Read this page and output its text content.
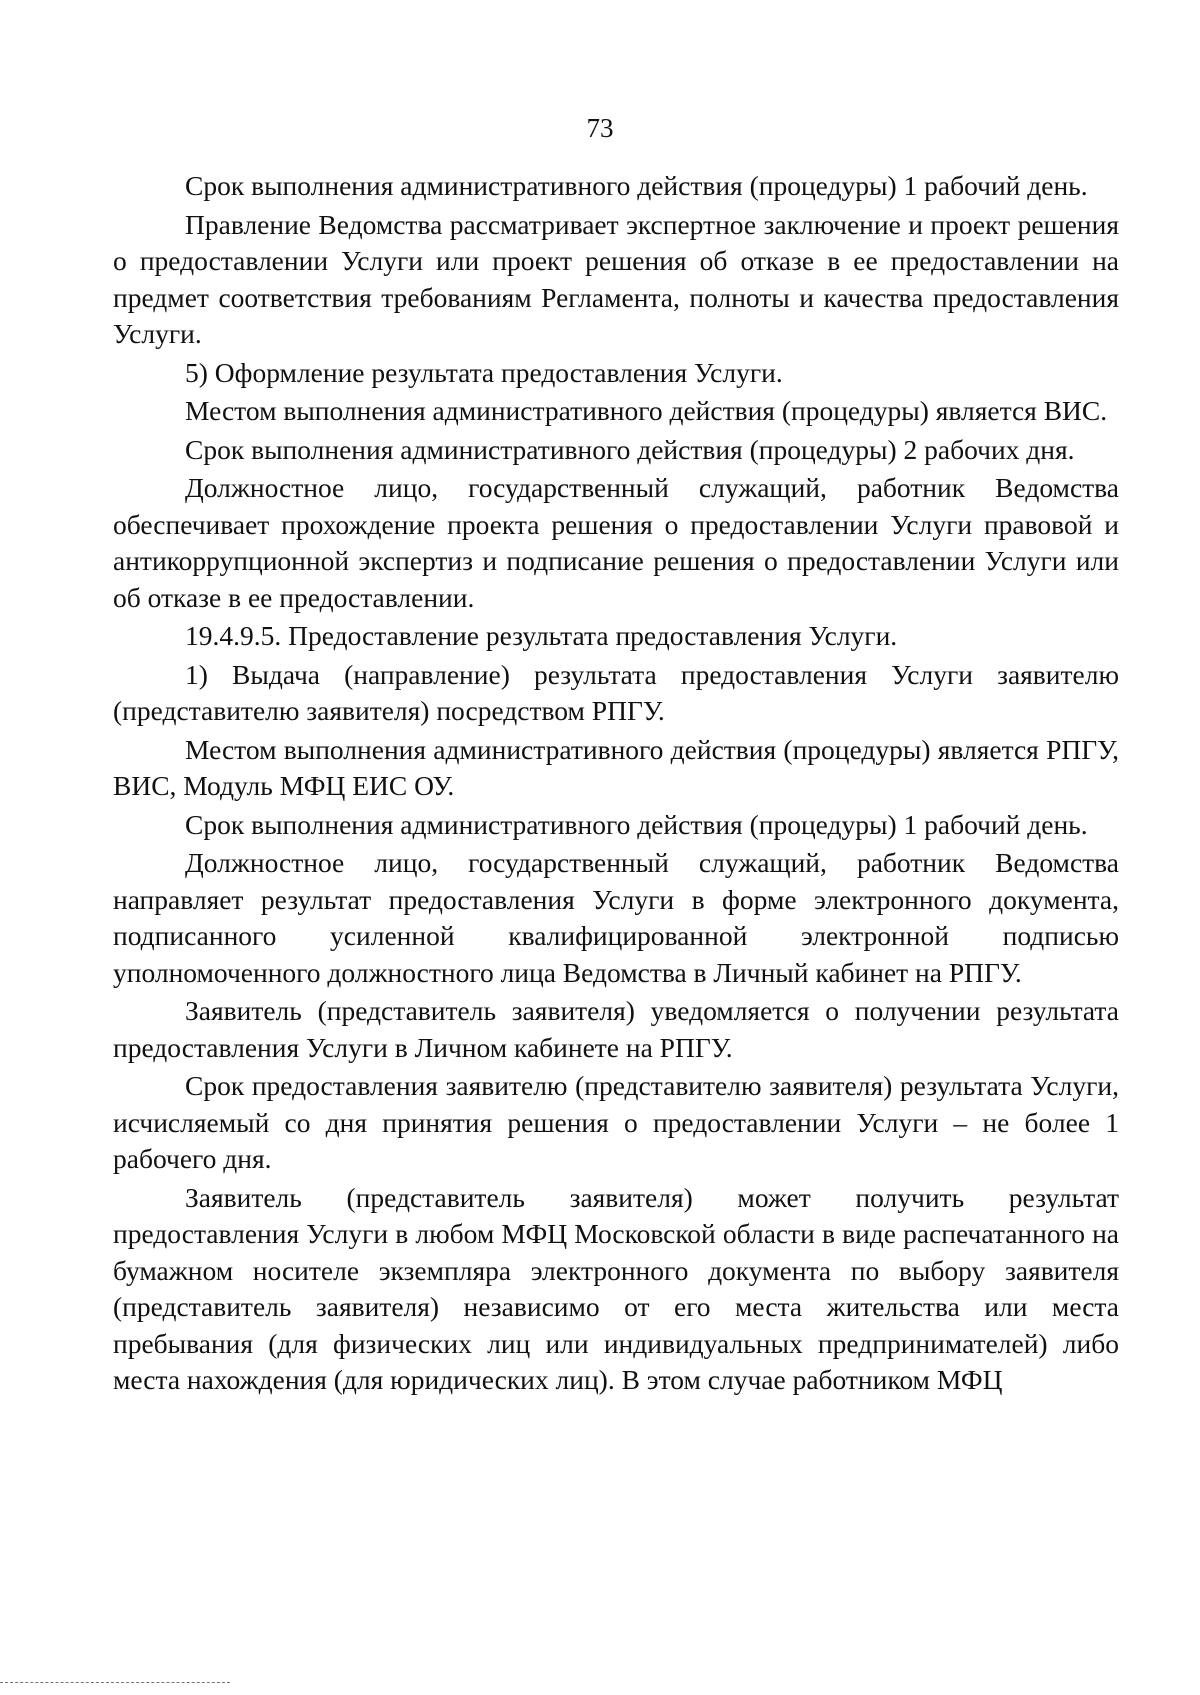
73

Срок выполнения административного действия (процедуры) 1 рабочий день.

Правление Ведомства рассматривает экспертное заключение и проект решения о предоставлении Услуги или проект решения об отказе в ее предоставлении на предмет соответствия требованиям Регламента, полноты и качества предоставления Услуги.

5) Оформление результата предоставления Услуги.

Местом выполнения административного действия (процедуры) является ВИС.

Срок выполнения административного действия (процедуры) 2 рабочих дня.

Должностное лицо, государственный служащий, работник Ведомства обеспечивает прохождение проекта решения о предоставлении Услуги правовой и антикоррупционной экспертиз и подписание решения о предоставлении Услуги или об отказе в ее предоставлении.

19.4.9.5. Предоставление результата предоставления Услуги.

1) Выдача (направление) результата предоставления Услуги заявителю (представителю заявителя) посредством РПГУ.

Местом выполнения административного действия (процедуры) является РПГУ, ВИС, Модуль МФЦ ЕИС ОУ.

Срок выполнения административного действия (процедуры) 1 рабочий день.

Должностное лицо, государственный служащий, работник Ведомства направляет результат предоставления Услуги в форме электронного документа, подписанного усиленной квалифицированной электронной подписью уполномоченного должностного лица Ведомства в Личный кабинет на РПГУ.

Заявитель (представитель заявителя) уведомляется о получении результата предоставления Услуги в Личном кабинете на РПГУ.

Срок предоставления заявителю (представителю заявителя) результата Услуги, исчисляемый со дня принятия решения о предоставлении Услуги – не более 1 рабочего дня.

Заявитель (представитель заявителя) может получить результат предоставления Услуги в любом МФЦ Московской области в виде распечатанного на бумажном носителе экземпляра электронного документа по выбору заявителя (представитель заявителя) независимо от его места жительства или места пребывания (для физических лиц или индивидуальных предпринимателей) либо места нахождения (для юридических лиц). В этом случае работником МФЦ
